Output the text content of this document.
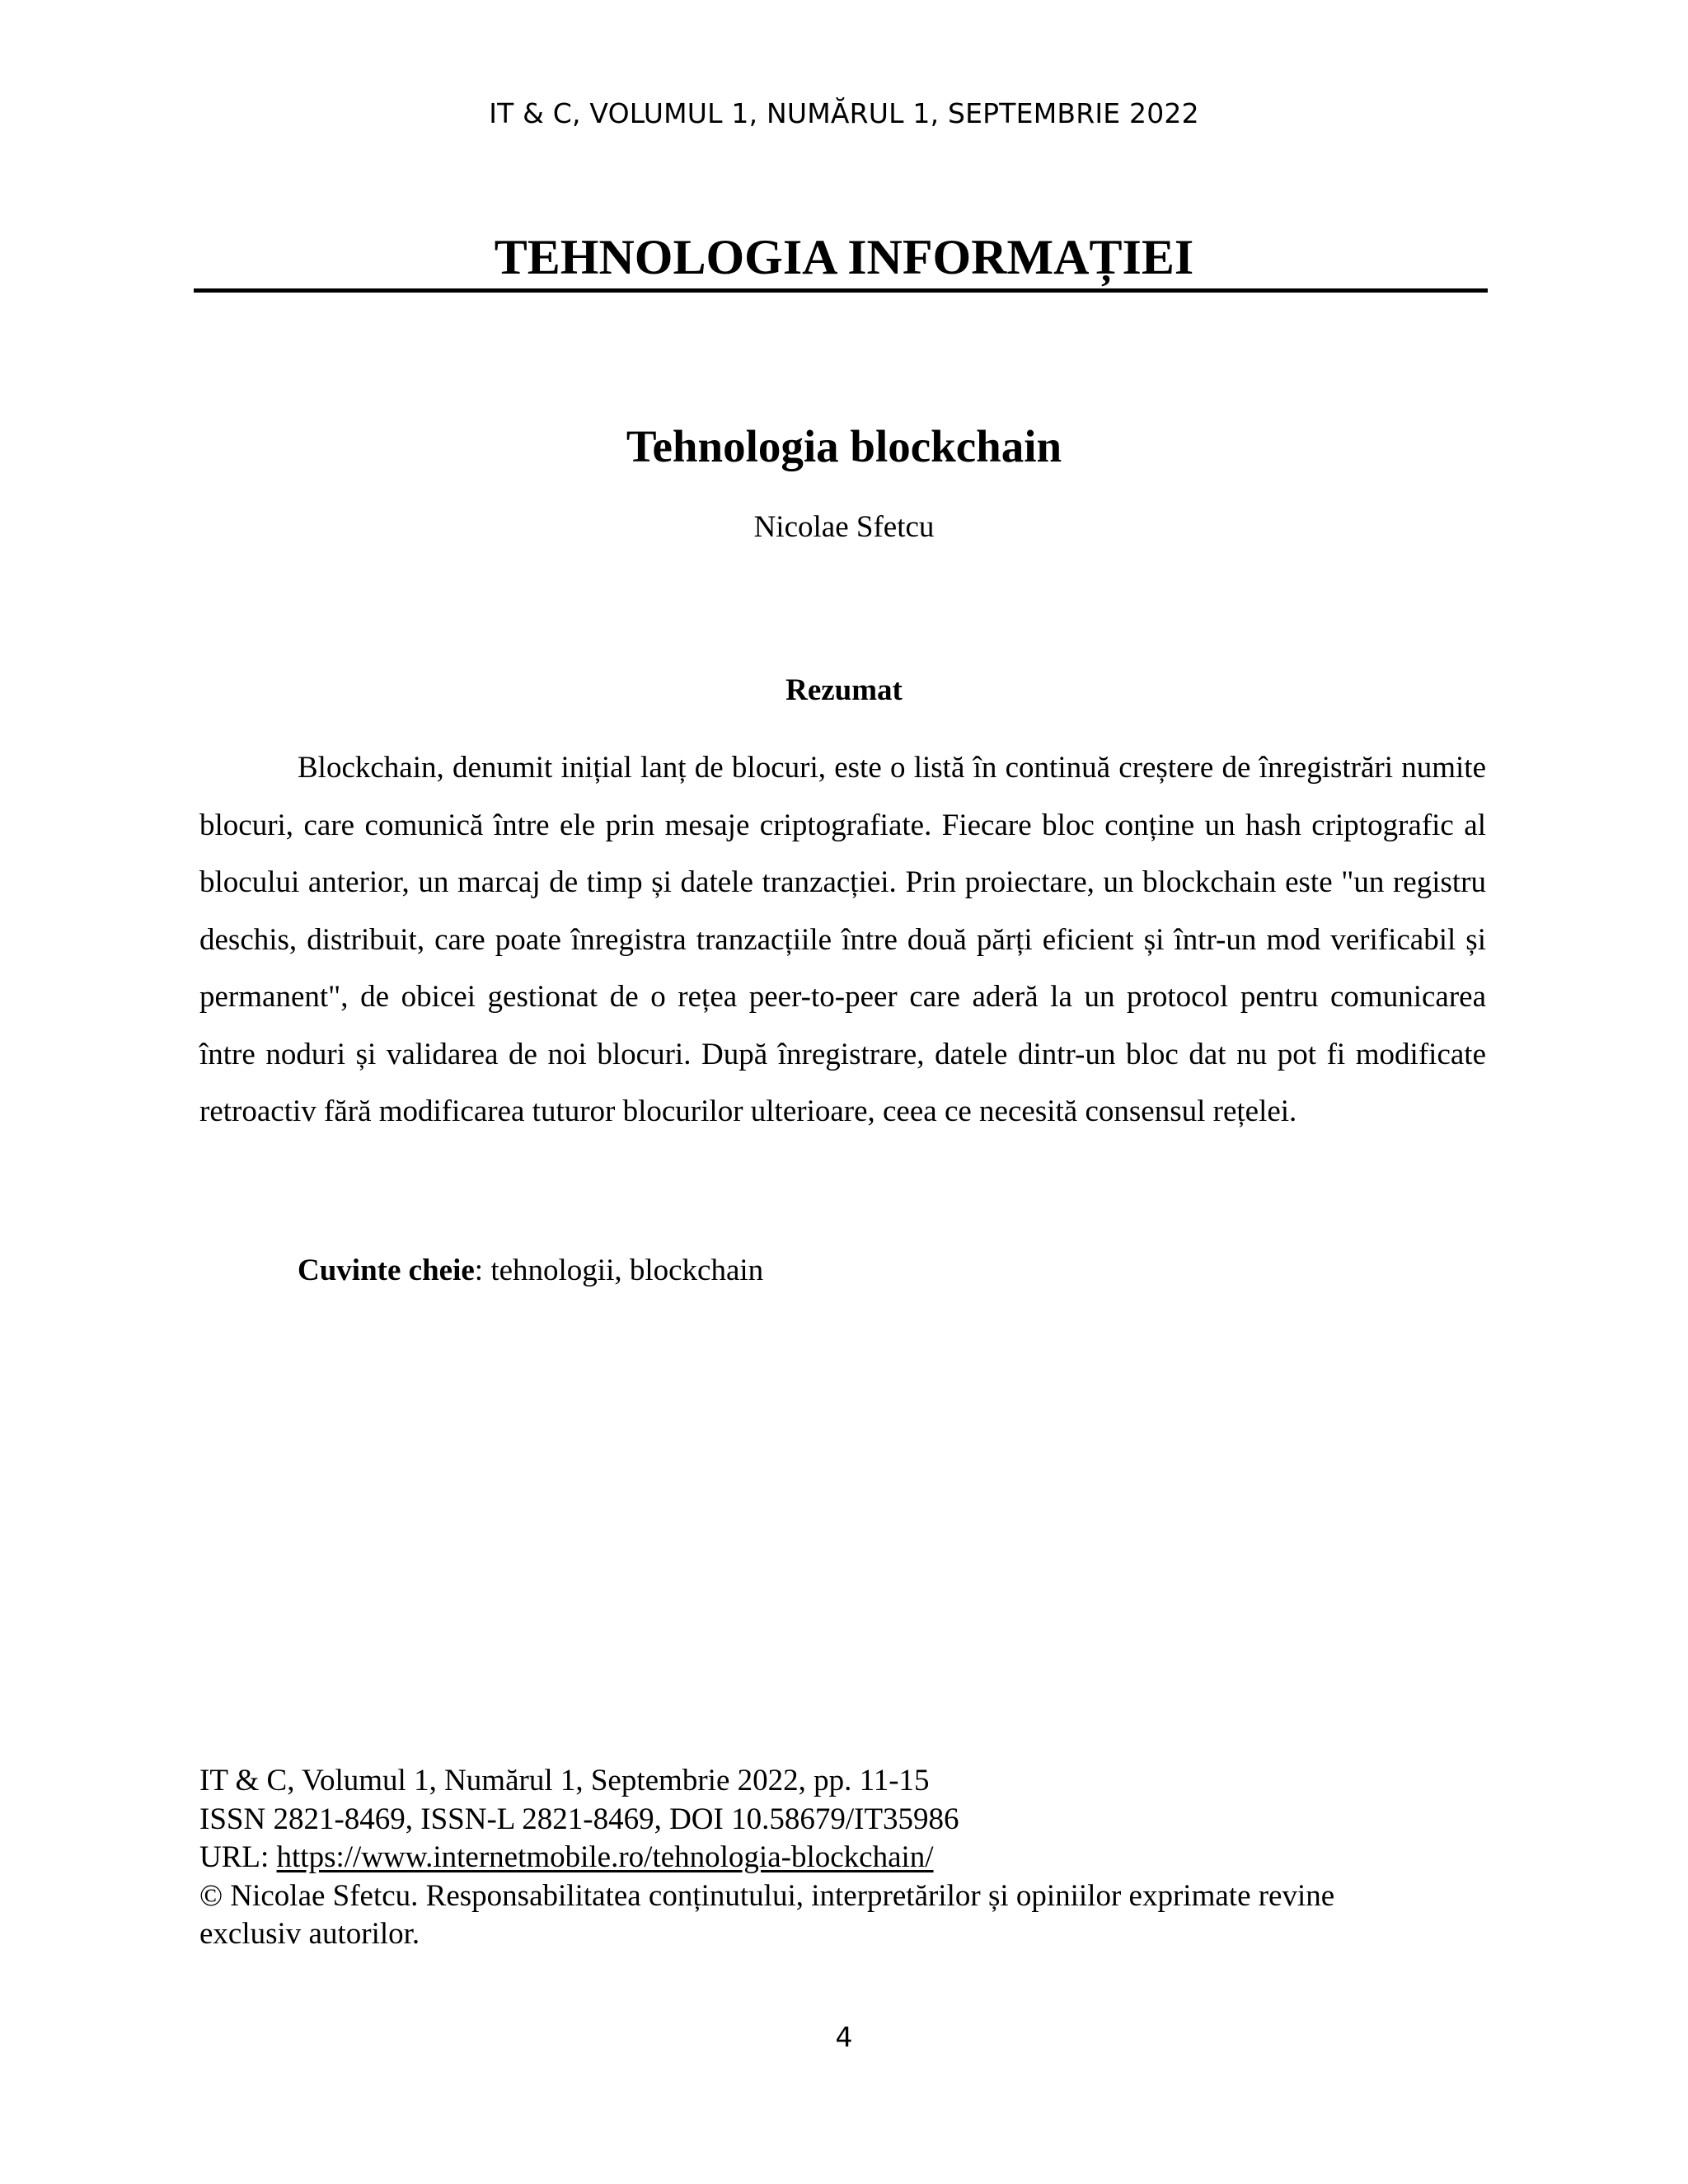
IT & C, VOLUMUL 1, NUMĂRUL 1, SEPTEMBRIE 2022
TEHNOLOGIA INFORMAȚIEI
Tehnologia blockchain
Nicolae Sfetcu
Rezumat

Blockchain, denumit inițial lanț de blocuri, este o listă în continuă creștere de înregistrări numite blocuri, care comunică între ele prin mesaje criptografiate. Fiecare bloc conține un hash criptografic al blocului anterior, un marcaj de timp și datele tranzacției. Prin proiectare, un blockchain este "un registru deschis, distribuit, care poate înregistra tranzacțiile între două părți eficient și într-un mod verificabil și permanent", de obicei gestionat de o rețea peer-to-peer care aderă la un protocol pentru comunicarea între noduri și validarea de noi blocuri. După înregistrare, datele dintr-un bloc dat nu pot fi modificate retroactiv fără modificarea tuturor blocurilor ulterioare, ceea ce necesită consensul rețelei.

Cuvinte cheie: tehnologii, blockchain
IT & C, Volumul 1, Numărul 1, Septembrie 2022, pp. 11-15
ISSN 2821-8469, ISSN-L 2821-8469, DOI 10.58679/IT35986
URL: https://www.internetmobile.ro/tehnologia-blockchain/
© Nicolae Sfetcu. Responsabilitatea conținutului, interpretărilor și opiniilor exprimate revine
exclusiv autorilor.
4
